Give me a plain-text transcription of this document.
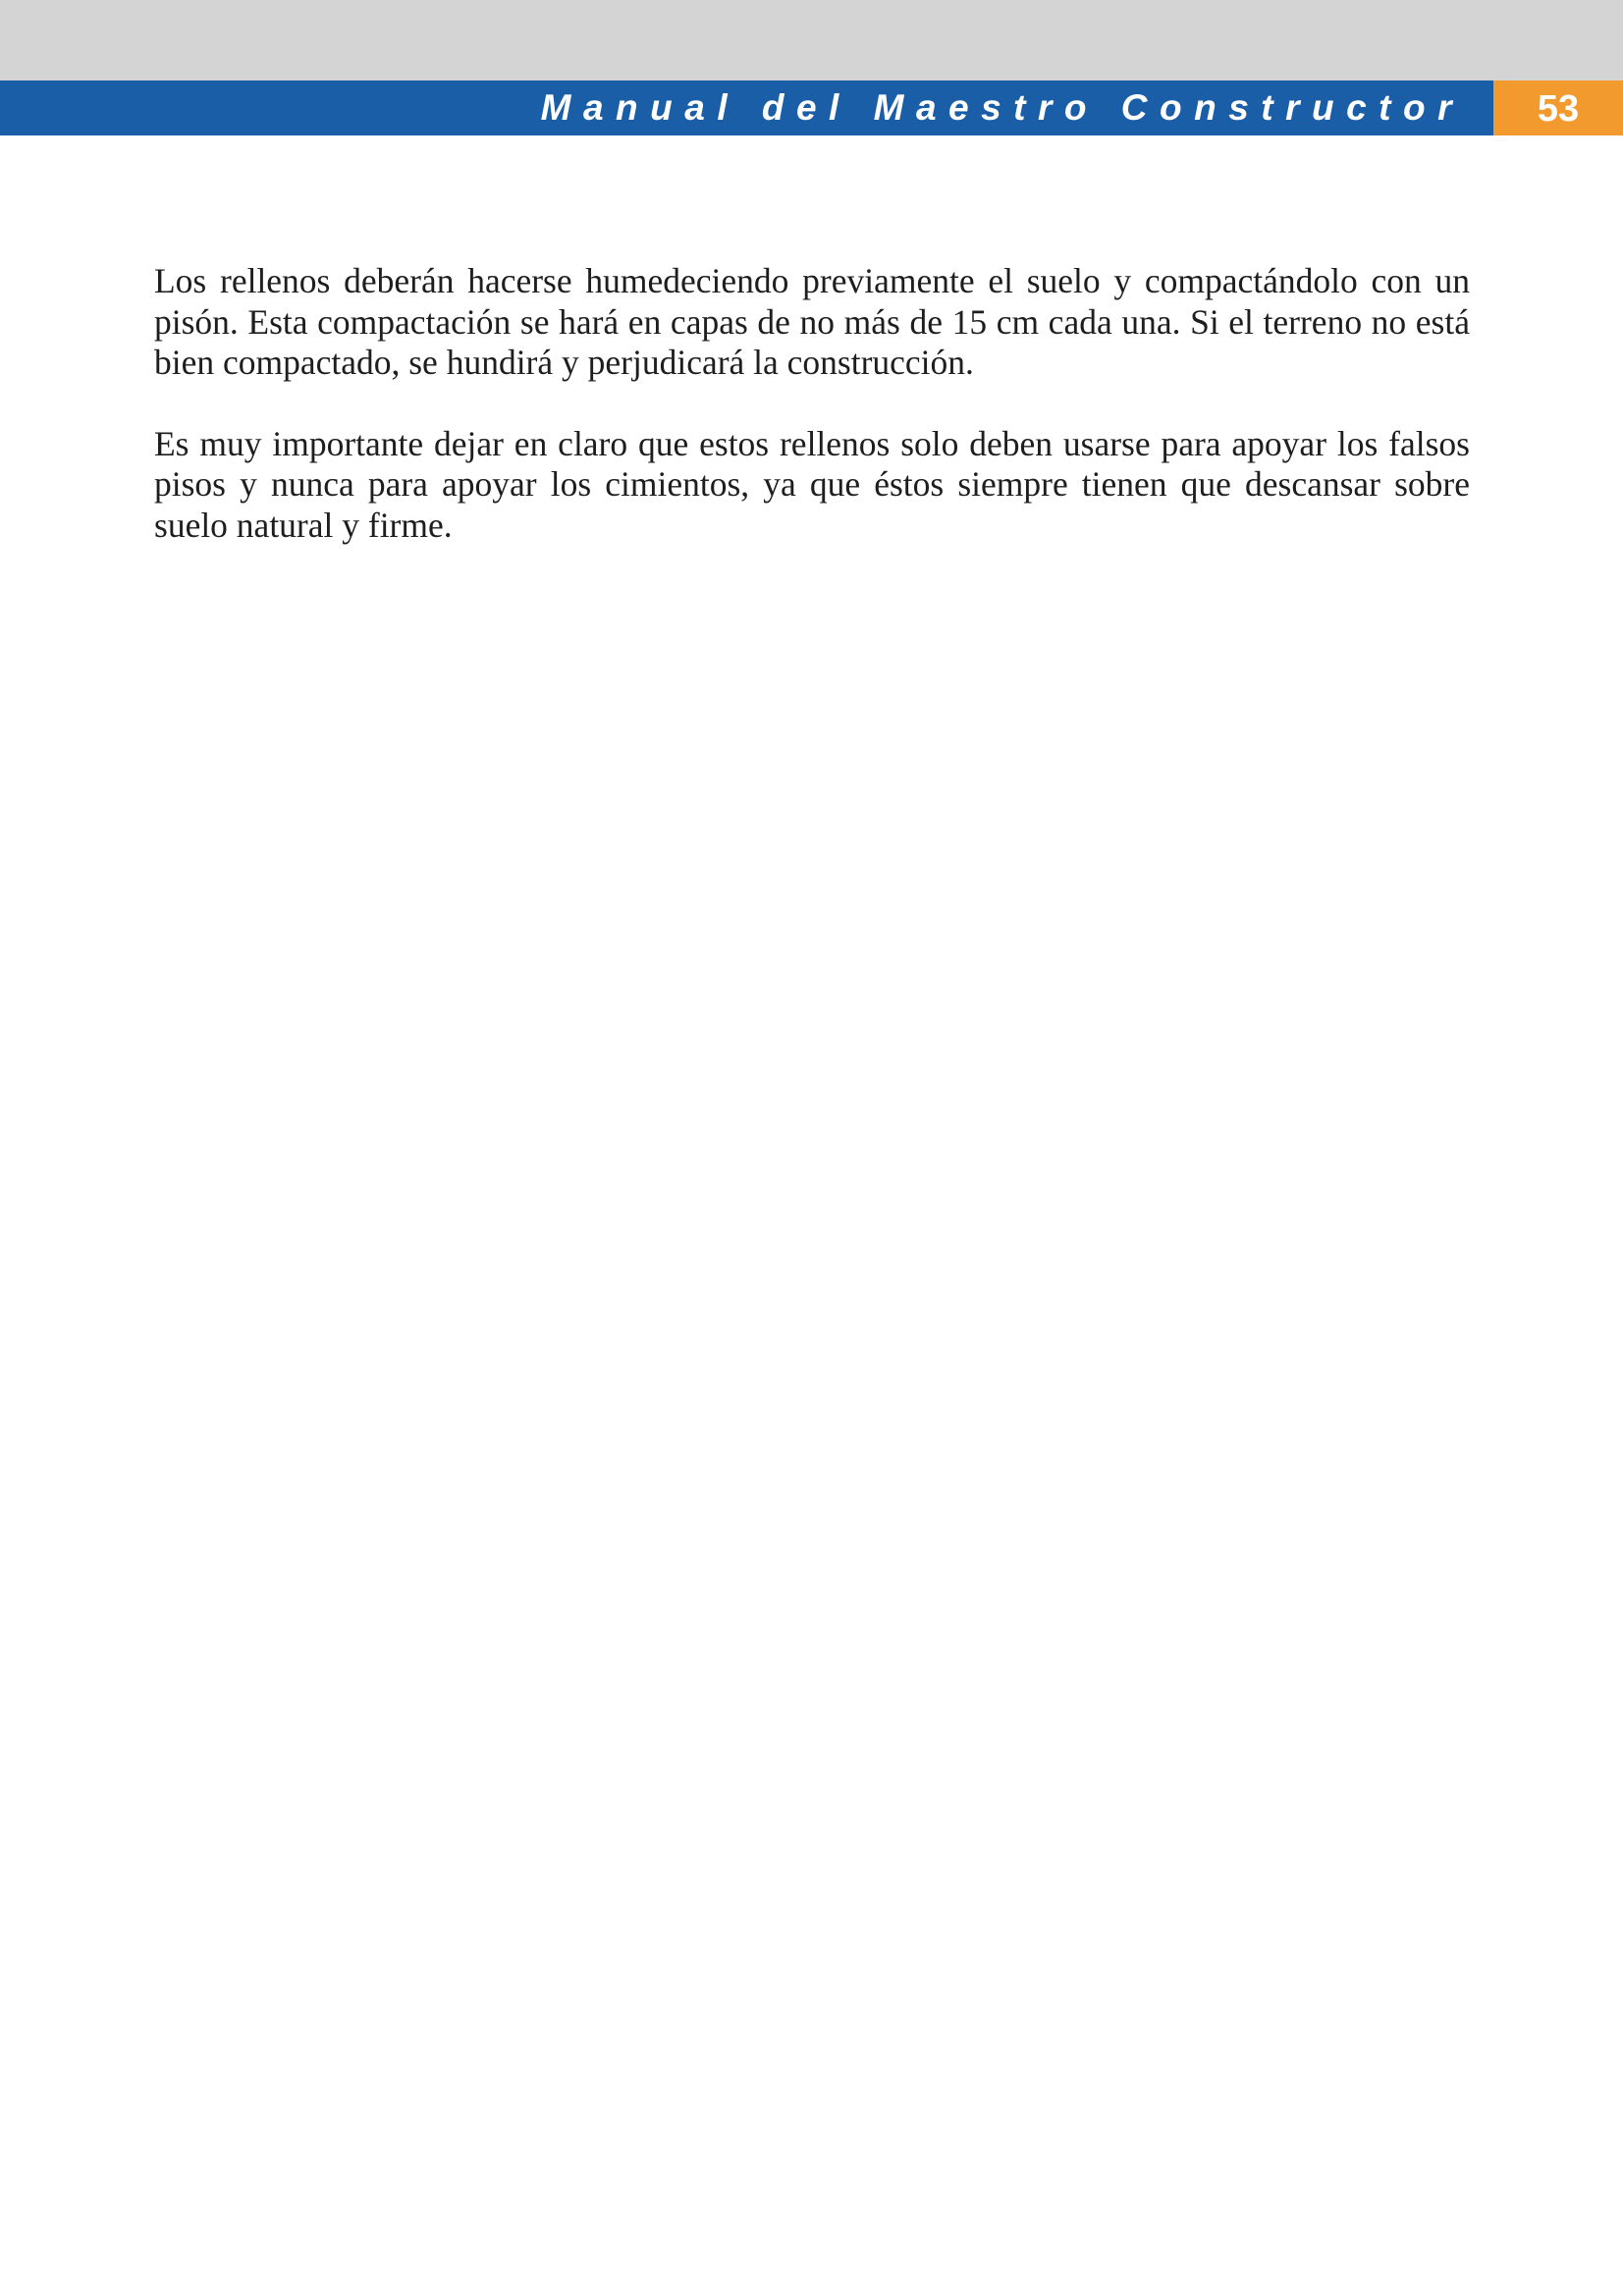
Manual del Maestro Constructor	53

Los rellenos deberán hacerse humedeciendo previamente el suelo y compactándolo con un pisón. Esta compactación se hará en capas de no más de 15 cm cada una. Si el terreno no está bien compactado, se hundirá y perjudicará la construcción.

Es muy importante dejar en claro que estos rellenos solo deben usarse para apoyar los falsos pisos y nunca para apoyar los cimientos, ya que éstos siempre tienen que descansar sobre suelo natural y firme.
